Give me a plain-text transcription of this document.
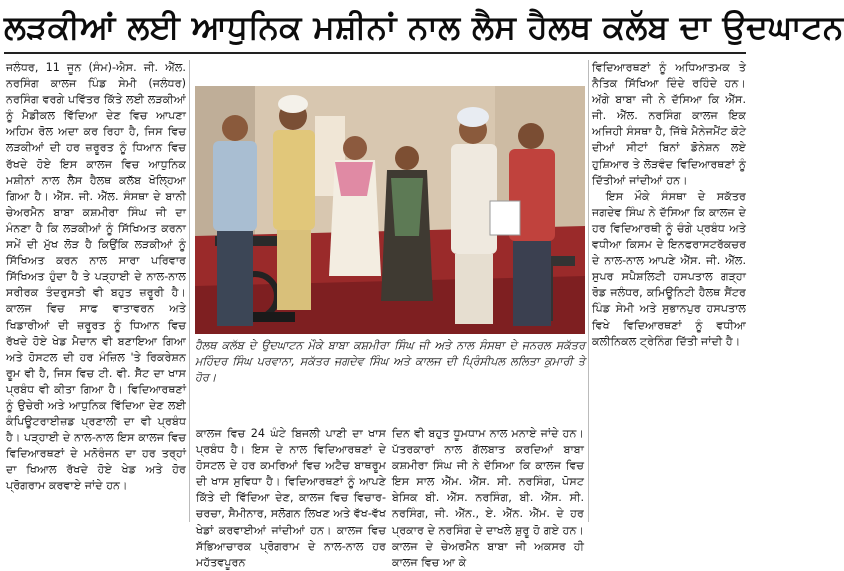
ਲੜਕੀਆਂ ਲਈ ਆਧੁਨਿਕ ਮਸ਼ੀਨਾਂ ਨਾਲ ਲੈਸ ਹੈਲਥ ਕਲੱਬ ਦਾ ਉਦਘਾਟਨ

ਜਲੰਧਰ, 11 ਜੂਨ (ਸੰਮ)-ਐਸ. ਜੀ. ਐੱਲ. ਨਰਸਿੰਗ ਕਾਲਜ ਪਿੰਡ ਸੇਮੀ (ਜਲੰਧਰ) ਨਰਸਿੰਗ ਵਰਗੇ ਪਵਿੱਤਰ ਕਿੱਤੇ ਲਈ ਲੜਕੀਆਂ ਨੂੰ ਮੈਡੀਕਲ ਵਿੱਦਿਆ ਦੇਣ ਵਿਚ ਆਪਣਾ ਅਹਿਮ ਰੋਲ ਅਦਾ ਕਰ ਰਿਹਾ ਹੈ, ਜਿਸ ਵਿਚ ਲੜਕੀਆਂ ਦੀ ਹਰ ਜ਼ਰੂਰਤ ਨੂੰ ਧਿਆਨ ਵਿਚ ਰੱਖਦੇ ਹੋਏ ਇਸ ਕਾਲਜ ਵਿਚ ਆਧੁਨਿਕ ਮਸ਼ੀਨਾਂ ਨਾਲ ਲੈਸ ਹੈਲਥ ਕਲੱਬ ਖੋਲ੍ਹਿਆ ਗਿਆ ਹੈ। ਐੱਸ. ਜੀ. ਐੱਲ. ਸੰਸਥਾ ਦੇ ਬਾਨੀ ਚੇਅਰਮੈਨ ਬਾਬਾ ਕਸ਼ਮੀਰਾ ਸਿੰਘ ਜੀ ਦਾ ਮੰਨਣਾ ਹੈ ਕਿ ਲੜਕੀਆਂ ਨੂੰ ਸਿੱਖਿਅਤ ਕਰਨਾ ਸਮੇਂ ਦੀ ਮੁੱਖ ਲੋੜ ਹੈ ਕਿਉਂਕਿ ਲੜਕੀਆਂ ਨੂੰ ਸਿੱਖਿਅਤ ਕਰਨ ਨਾਲ ਸਾਰਾ ਪਰਿਵਾਰ ਸਿੱਖਿਅਤ ਹੁੰਦਾ ਹੈ ਤੇ ਪੜ੍ਹਾਈ ਦੇ ਨਾਲ-ਨਾਲ ਸਰੀਰਕ ਤੰਦਰੁਸਤੀ ਵੀ ਬਹੁਤ ਜ਼ਰੂਰੀ ਹੈ। ਕਾਲਜ ਵਿਚ ਸਾਫ ਵਾਤਾਵਰਨ ਅਤੇ ਖਿਡਾਰੀਆਂ ਦੀ ਜ਼ਰੂਰਤ ਨੂੰ ਧਿਆਨ ਵਿਚ ਰੱਖਦੇ ਹੋਏ ਖੇਡ ਮੈਦਾਨ ਵੀ ਬਣਾਇਆ ਗਿਆ ਅਤੇ ਹੋਸਟਲ ਦੀ ਹਰ ਮੰਜ਼ਿਲ 'ਤੇ ਰਿਕਰੇਸ਼ਨ ਰੂਮ ਵੀ ਹੈ, ਜਿਸ ਵਿਚ ਟੀ. ਵੀ. ਸੈੱਟ ਦਾ ਖਾਸ ਪ੍ਰਬੰਧ ਵੀ ਕੀਤਾ ਗਿਆ ਹੈ। ਵਿਦਿਆਰਥਣਾਂ ਨੂੰ ਉਚੇਰੀ ਅਤੇ ਆਧੁਨਿਕ ਵਿੱਦਿਆ ਦੇਣ ਲਈ ਕੰਪਿਊਟਰਾਈਜ਼ਡ ਪ੍ਰਣਾਲੀ ਦਾ ਵੀ ਪ੍ਰਬੰਧ ਹੈ। ਪੜ੍ਹਾਈ ਦੇ ਨਾਲ-ਨਾਲ ਇਸ ਕਾਲਜ ਵਿਚ ਵਿਦਿਆਰਥਣਾਂ ਦੇ ਮਨੋਰੰਜਨ ਦਾ ਹਰ ਤਰ੍ਹਾਂ ਦਾ ਖਿਆਲ ਰੱਖਦੇ ਹੋਏ ਖੇਡ ਅਤੇ ਹੋਰ ਪ੍ਰੋਗਰਾਮ ਕਰਵਾਏ ਜਾਂਦੇ ਹਨ।

ਹੈਲਥ ਕਲੱਬ ਦੇ ਉਦਘਾਟਨ ਮੌਕੇ ਬਾਬਾ ਕਸ਼ਮੀਰਾ ਸਿੰਘ ਜੀ ਅਤੇ ਨਾਲ ਸੰਸਥਾ ਦੇ ਜਨਰਲ ਸਕੱਤਰ ਮਹਿੰਦਰ ਸਿੰਘ ਪਰਵਾਨਾ, ਸਕੱਤਰ ਜਗਦੇਵ ਸਿੰਘ ਅਤੇ ਕਾਲਜ ਦੀ ਪ੍ਰਿੰਸੀਪਲ ਲਲਿਤਾ ਕੁਮਾਰੀ ਤੇ ਹੋਰ।

ਕਾਲਜ ਵਿਚ 24 ਘੰਟੇ ਬਿਜਲੀ ਪਾਣੀ ਦਾ ਖਾਸ ਪ੍ਰਬੰਧ ਹੈ। ਇਸ ਦੇ ਨਾਲ ਵਿਦਿਆਰਥਣਾਂ ਦੇ ਹੋਸਟਲ ਦੇ ਹਰ ਕਮਰਿਆਂ ਵਿਚ ਅਟੈਚ ਬਾਥਰੂਮ ਦੀ ਖਾਸ ਸੁਵਿਧਾ ਹੈ। ਵਿਦਿਆਰਥਣਾਂ ਨੂੰ ਆਪਣੇ ਕਿੱਤੇ ਦੀ ਵਿੱਦਿਆ ਦੇਣ, ਕਾਲਜ ਵਿਚ ਵਿਚਾਰ-ਚਰਚਾ, ਸੈਮੀਨਾਰ, ਸਲੋਗਨ ਲਿਖਣ ਅਤੇ ਵੱਖ-ਵੱਖ ਖੇਡਾਂ ਕਰਵਾਈਆਂ ਜਾਂਦੀਆਂ ਹਨ। ਕਾਲਜ ਵਿਚ ਸੱਭਿਆਚਾਰਕ ਪ੍ਰੋਗਰਾਮ ਦੇ ਨਾਲ-ਨਾਲ ਹਰ ਮਹੱਤਵਪੂਰਨ

ਦਿਨ ਵੀ ਬਹੁਤ ਧੂਮਧਾਮ ਨਾਲ ਮਨਾਏ ਜਾਂਦੇ ਹਨ। ਪੱਤਰਕਾਰਾਂ ਨਾਲ ਗੱਲਬਾਤ ਕਰਦਿਆਂ ਬਾਬਾ ਕਸ਼ਮੀਰਾ ਸਿੰਘ ਜੀ ਨੇ ਦੱਸਿਆ ਕਿ ਕਾਲਜ ਵਿਚ ਇਸ ਸਾਲ ਐੱਮ. ਐੱਸ. ਸੀ. ਨਰਸਿੰਗ, ਪੋਸਟ ਬੇਸਿਕ ਬੀ. ਐੱਸ. ਨਰਸਿੰਗ, ਬੀ. ਐੱਸ. ਸੀ. ਨਰਸਿੰਗ, ਜੀ. ਐੱਨ., ਏ. ਐੱਨ. ਐੱਮ. ਦੇ ਹਰ ਪ੍ਰਕਾਰ ਦੇ ਨਰਸਿੰਗ ਦੇ ਦਾਖਲੇ ਸ਼ੁਰੂ ਹੋ ਗਏ ਹਨ। ਕਾਲਜ ਦੇ ਚੇਅਰਮੈਨ ਬਾਬਾ ਜੀ ਅਕਸਰ ਹੀ ਕਾਲਜ ਵਿਚ ਆ ਕੇ

ਵਿਦਿਆਰਥਣਾਂ ਨੂੰ ਅਧਿਆਤਮਕ ਤੇ ਨੈਤਿਕ ਸਿੱਖਿਆ ਦਿੰਦੇ ਰਹਿੰਦੇ ਹਨ। ਅੱਗੇ ਬਾਬਾ ਜੀ ਨੇ ਦੱਸਿਆ ਕਿ ਐੱਸ. ਜੀ. ਐੱਲ. ਨਰਸਿੰਗ ਕਾਲਜ ਇਕ ਅਜਿਹੀ ਸੰਸਥਾ ਹੈ, ਜਿੱਥੇ ਮੈਨੇਜਮੈਂਟ ਕੋਟੇ ਦੀਆਂ ਸੀਟਾਂ ਬਿਨਾਂ ਡੋਨੇਸ਼ਨ ਲਏ ਹੁਸ਼ਿਆਰ ਤੇ ਲੋੜਵੰਦ ਵਿਦਿਆਰਥਣਾਂ ਨੂੰ ਦਿੱਤੀਆਂ ਜਾਂਦੀਆਂ ਹਨ।

ਇਸ ਮੌਕੇ ਸੰਸਥਾ ਦੇ ਸਕੱਤਰ ਜਗਦੇਵ ਸਿੰਘ ਨੇ ਦੱਸਿਆ ਕਿ ਕਾਲਜ ਦੇ ਹਰ ਵਿਦਿਆਰਥੀ ਨੂੰ ਚੰਗੇ ਪ੍ਰਬੰਧ ਅਤੇ ਵਧੀਆ ਕਿਸਮ ਦੇ ਇਨਫਰਾਸਟਰੱਕਚਰ ਦੇ ਨਾਲ-ਨਾਲ ਆਪਣੇ ਐੱਸ. ਜੀ. ਐੱਲ. ਸੁਪਰ ਸਪੈਸ਼ਲਿਟੀ ਹਸਪਤਾਲ ਗੜ੍ਹਾ ਰੋਡ ਜਲੰਧਰ, ਕਮਿਊਨਿਟੀ ਹੈਲਥ ਸੈਂਟਰ ਪਿੰਡ ਸੇਮੀ ਅਤੇ ਸੁਭਾਨਪੁਰ ਹਸਪਤਾਲ ਵਿਖੇ ਵਿਦਿਆਰਥਣਾਂ ਨੂੰ ਵਧੀਆ ਕਲੀਨਿਕਲ ਟ੍ਰੇਨਿੰਗ ਦਿੱਤੀ ਜਾਂਦੀ ਹੈ।
